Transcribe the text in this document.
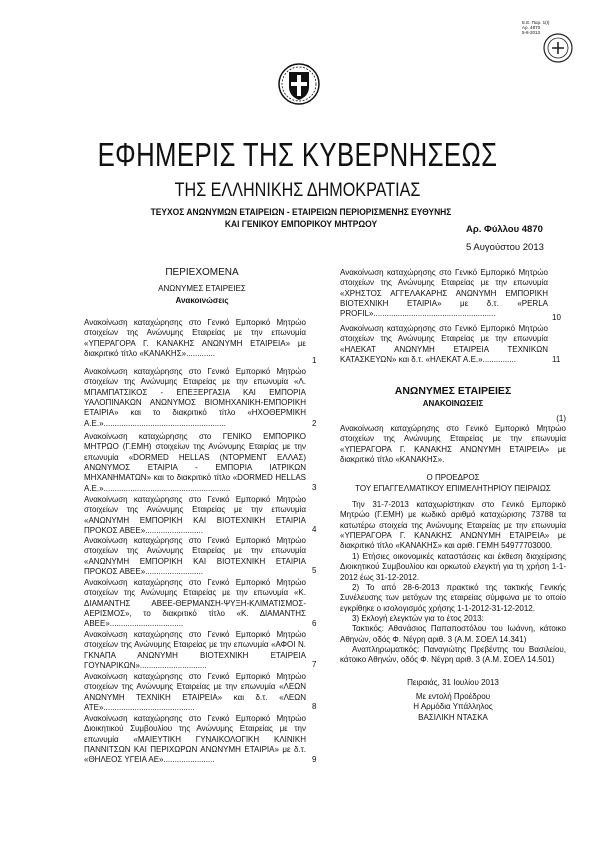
Ε.Ε. Παρ. 1(I)
Αρ. 4870
5-8-2013
ΕΦΗΜΕΡΙΣ ΤΗΣ ΚΥΒΕΡΝΗΣΕΩΣ
ΤΗΣ ΕΛΛΗΝΙΚΗΣ ΔΗΜΟΚΡΑΤΙΑΣ
ΤΕΥΧΟΣ ΑΝΩΝΥΜΩΝ ΕΤΑΙΡΕΙΩΝ - ΕΤΑΙΡΕΙΩΝ ΠΕΡΙΟΡΙΣΜΕΝΗΣ ΕΥΘΥΝΗΣ
ΚΑΙ ΓΕΝΙΚΟΥ ΕΜΠΟΡΙΚΟΥ ΜΗΤΡΩΟΥ	Αρ. Φύλλου 4870
5 Αυγούστου 2013
ΠΕΡΙΕΧΟΜΕΝΑ
ΑΝΩΝΥΜΕΣ ΕΤΑΙΡΕΙΕΣ
Ανακοινώσεις
Ανακοίνωση καταχώρησης στο Γενικό Εμπορικό Μητρώο στοιχείων της Ανώνυμης Εταιρείας με την επωνυμία «ΥΠΕΡΑΓΟΡΑ Γ. ΚΑΝΑΚΗΣ ΑΝΩΝΥΜΗ ΕΤΑΙΡΕΙΑ» με διακριτικό τίτλο «ΚΑΝΑΚΗΣ».............
1
Ανακοίνωση καταχώρησης στο Γενικό Εμπορικό Μητρώο στοιχείων της Ανώνυμης Εταιρείας με την επωνυμία «Λ. ΜΠΑΜΠΑΤΣΙΚΟΣ - ΕΠΕΞΕΡΓΑΣΙΑ ΚΑΙ ΕΜΠΟΡΙΑ ΥΑΛΟΠΙΝΑΚΩΝ ΑΝΩΝΥΜΟΣ ΒΙΟΜΗΧΑΝΙΚΗ-ΕΜΠΟΡΙΚΗ ΕΤΑΙΡΙΑ» και το διακριτικό τίτλο «ΗΧΟΘΕΡΜΙΚΗ Α.Ε.».......................................................	2
Ανακοίνωση καταχώρησης στο ΓΕΝΙΚΟ ΕΜΠΟΡΙΚΟ ΜΗΤΡΩΟ (Γ.ΕΜΗ) στοιχείων της Ανώνυμης Εταιρίας με την επωνυμία «DORMED HELLAS (ΝΤΟΡΜΕΝΤ ΕΛΛΑΣ) ΑΝΩΝΥΜΟΣ ΕΤΑΙΡΙΑ - ΕΜΠΟΡΙΑ ΙΑΤΡΙΚΩΝ ΜΗΧΑΝΗΜΑΤΩΝ» και το διακριτικό τίτλο «DORMED HELLAS A.E.».........................................................	3
Ανακοίνωση καταχώρησης στο Γενικό Εμπορικό Μητρώο στοιχείων της Ανώνυμης Εταιρείας με την επωνυμία «ΑΝΩΝΥΜΗ ΕΜΠΟΡΙΚΗ ΚΑΙ ΒΙΟΤΕΧΝΙΚΗ ΕΤΑΙΡΙΑ ΠΡΟΚΟΣ ΑΒΕΕ»..........................	4
Ανακοίνωση καταχώρησης στο Γενικό Εμπορικό Μητρώο στοιχείων της Ανώνυμης Εταιρείας με την επωνυμία «ΑΝΩΝΥΜΗ ΕΜΠΟΡΙΚΗ ΚΑΙ ΒΙΟΤΕΧΝΙΚΗ ΕΤΑΙΡΙΑ ΠΡΟΚΟΣ ΑΒΕΕ»..........................	5
Ανακοίνωση καταχώρησης στο Γενικό Εμπορικό Μητρώο στοιχείων της Ανώνυμης Εταιρείας με την επωνυμία «Κ. ΔΙΑΜΑΝΤΗΣ ΑΒΕΕ-ΘΕΡΜΑΝΣΗ-ΨΥΞΗ-ΚΛΙΜΑΤΙΣΜΟΣ-ΑΕΡΙΣΜΟΣ», το διακριτικό τίτλο «Κ. ΔΙΑΜΑΝΤΗΣ ΑΒΕΕ».................................	6
Ανακοίνωση καταχώρησης στο Γενικό Εμπορικό Μητρώο στοιχείων της Ανώνυμης Εταιρείας με την επωνυμία «ΑΦΟΙ Ν. ΓΚΝΑΠΑ ΑΝΩΝΥΜΗ ΒΙΟΤΕΧΝΙΚΗ ΕΤΑΙΡΕΙΑ ΓΟΥΝΑΡΙΚΩΝ»..............................	7
Ανακοίνωση καταχώρησης στο Γενικό Εμπορικό Μητρώο στοιχείων της Ανώνυμης Εταιρείας με την επωνυμία «ΛΕΩΝ ΑΝΩΝΥΜΗ ΤΕΧΝΙΚΗ ΕΤΑΙΡΕΙΑ» και δ.τ. «ΛΕΩΝ ΑΤΕ».........................................	8
Ανακοίνωση καταχώρησης στο Γενικό Εμπορικό Μητρώο Διοικητικού Συμβουλίου της Ανώνυμης Εταιρείας με την επωνυμία «ΜΑΙΕΥΤΙΚΗ ΓΥΝΑΙΚΟΛΟΓΙΚΗ ΚΛΙΝΙΚΗ ΠΑΝΝΙΤΣΩΝ ΚΑΙ ΠΕΡΙΧΩΡΩΝ ΑΝΩΝΥΜΗ ΕΤΑΙΡΙΑ» με δ.τ. «ΘΗΛΕΟΣ ΥΓΕΙΑ ΑΕ».......................	9
Ανακοίνωση καταχώρησης στο Γενικό Εμπορικό Μητρώο στοιχείων της Ανώνυμης Εταιρείας με την επωνυμία «ΧΡΗΣΤΟΣ ΑΓΓΕΛΑΚΑΡΗΣ ΑΝΩΝΥΜΗ ΕΜΠΟΡΙΚΗ ΒΙΟΤΕΧΝΙΚΗ ΕΤΑΙΡΙΑ» με δ.τ. «PERLA PROFIL».......................................................	10
Ανακοίνωση καταχώρησης στο Γενικό Εμπορικό Μητρώο στοιχείων της Ανώνυμης Εταιρείας με την επωνυμία «ΗΛΕΚΑΤ ΑΝΩΝΥΜΗ ΕΤΑΙΡΕΙΑ ΤΕΧΝΙΚΩΝ ΚΑΤΑΣΚΕΥΩΝ» και δ.τ. «ΗΛΕΚΑΤ Α.Ε.»...............	11
ΑΝΩΝΥΜΕΣ ΕΤΑΙΡΕΙΕΣ
ΑΝΑΚΟΙΝΩΣΕΙΣ
(1)

Ανακοίνωση καταχώρησης στο Γενικό Εμπορικό Μητρώο στοιχείων της Ανώνυμης Εταιρείας με την επωνυμία «ΥΠΕΡΑΓΟΡΑ Γ. ΚΑΝΑΚΗΣ ΑΝΩΝΥΜΗ ΕΤΑΙΡΕΙΑ» με διακριτικό τίτλο «ΚΑΝΑΚΗΣ».

Ο ΠΡΟΕΔΡΟΣ
ΤΟΥ ΕΠΑΓΓΕΛΜΑΤΙΚΟΥ ΕΠΙΜΕΛΗΤΗΡΙΟΥ ΠΕΙΡΑΙΩΣ

Την 31-7-2013 καταχωρίστηκαν στο Γενικό Εμπορικό Μητρώο (Γ.ΕΜΗ) με κωδικό αριθμό καταχώρισης 73788 τα κατωτέρω στοιχεία της Ανώνυμης Εταιρείας με την επωνυμία «ΥΠΕΡΑΓΟΡΑ Γ. ΚΑΝΑΚΗΣ ΑΝΩΝΥΜΗ ΕΤΑΙΡΕΙΑ» με διακριτικό τίτλο «ΚΑΝΑΚΗΣ» και αριθ. ΓΕΜΗ 54977703000.

1) Ετήσιες οικονομικές καταστάσεις και έκθεση διαχείρισης Διοικητικού Συμβουλίου και ορκωτού ελεγκτή για τη χρήση 1-1-2012 έως 31-12-2012.

2) Το από 28-6-2013 πρακτικό της τακτικής Γενικής Συνέλευσης των μετόχων της εταιρείας σύμφωνα με το οποίο εγκρίθηκε ο ισολογισμός χρήσης 1-1-2012-31-12-2012.

3) Εκλογή ελεγκτών για το έτος 2013:

Τακτικός: Αθανάσιος Παπαποστόλου του Ιωάννη, κάτοικο Αθηνών, οδός Φ. Νέγρη αριθ. 3 (Α.Μ. ΣΟΕΛ 14.341)

Αναπληρωματικός: Παναγιώτης Πρεβέντης του Βασιλείου, κάτοικο Αθηνών, οδός Φ. Νέγρη αριθ. 3 (Α.Μ. ΣΟΕΛ 14.501)

Πειραιάς, 31 Ιουλίου 2013
Με εντολή Προέδρου
Η Αρμόδια Υπάλληλος
ΒΑΣΙΛΙΚΗ ΝΤΑΣΚΑ
